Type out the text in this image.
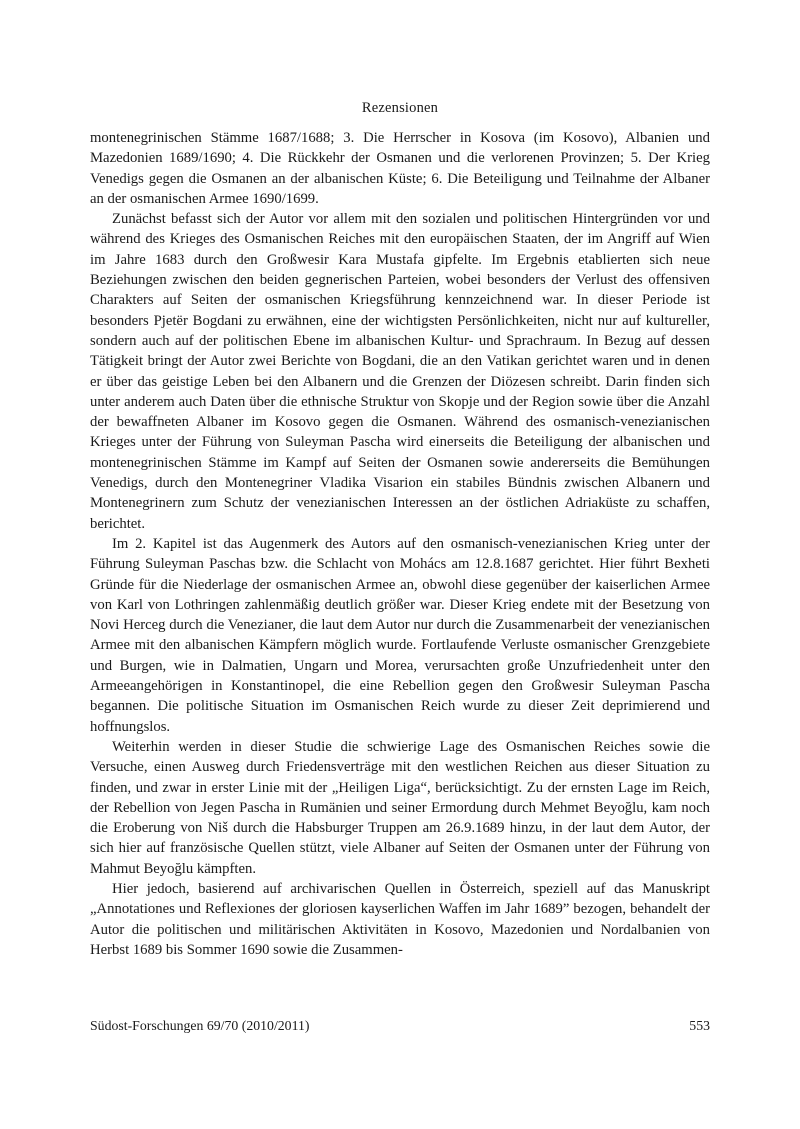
Rezensionen

montenegrinischen Stämme 1687/1688; 3. Die Herrscher in Kosova (im Kosovo), Albanien und Mazedonien 1689/1690; 4. Die Rückkehr der Osmanen und die verlorenen Provinzen; 5. Der Krieg Venedigs gegen die Osmanen an der albanischen Küste; 6. Die Beteiligung und Teilnahme der Albaner an der osmanischen Armee 1690/1699.

Zunächst befasst sich der Autor vor allem mit den sozialen und politischen Hintergründen vor und während des Krieges des Osmanischen Reiches mit den europäischen Staaten, der im Angriff auf Wien im Jahre 1683 durch den Großwesir Kara Mustafa gipfelte. Im Ergebnis etablierten sich neue Beziehungen zwischen den beiden gegnerischen Parteien, wobei besonders der Verlust des offensiven Charakters auf Seiten der osmanischen Kriegsführung kennzeichnend war. In dieser Periode ist besonders Pjetër Bogdani zu erwähnen, eine der wichtigsten Persönlichkeiten, nicht nur auf kultureller, sondern auch auf der politischen Ebene im albanischen Kultur- und Sprachraum. In Bezug auf dessen Tätigkeit bringt der Autor zwei Berichte von Bogdani, die an den Vatikan gerichtet waren und in denen er über das geistige Leben bei den Albanern und die Grenzen der Diözesen schreibt. Darin finden sich unter anderem auch Daten über die ethnische Struktur von Skopje und der Region sowie über die Anzahl der bewaffneten Albaner im Kosovo gegen die Osmanen. Während des osmanisch-venezianischen Krieges unter der Führung von Suleyman Pascha wird einerseits die Beteiligung der albanischen und montenegrinischen Stämme im Kampf auf Seiten der Osmanen sowie andererseits die Bemühungen Venedigs, durch den Montenegriner Vladika Visarion ein stabiles Bündnis zwischen Albanern und Montenegrinern zum Schutz der venezianischen Interessen an der östlichen Adriaküste zu schaffen, berichtet.

Im 2. Kapitel ist das Augenmerk des Autors auf den osmanisch-venezianischen Krieg unter der Führung Suleyman Paschas bzw. die Schlacht von Mohács am 12.8.1687 gerichtet. Hier führt Bexheti Gründe für die Niederlage der osmanischen Armee an, obwohl diese gegenüber der kaiserlichen Armee von Karl von Lothringen zahlenmäßig deutlich größer war. Dieser Krieg endete mit der Besetzung von Novi Herceg durch die Venezianer, die laut dem Autor nur durch die Zusammenarbeit der venezianischen Armee mit den albanischen Kämpfern möglich wurde. Fortlaufende Verluste osmanischer Grenzgebiete und Burgen, wie in Dalmatien, Ungarn und Morea, verursachten große Unzufriedenheit unter den Armeeangehörigen in Konstantinopel, die eine Rebellion gegen den Großwesir Suleyman Pascha begannen. Die politische Situation im Osmanischen Reich wurde zu dieser Zeit deprimierend und hoffnungslos.

Weiterhin werden in dieser Studie die schwierige Lage des Osmanischen Reiches sowie die Versuche, einen Ausweg durch Friedensverträge mit den westlichen Reichen aus dieser Situation zu finden, und zwar in erster Linie mit der „Heiligen Liga“, berücksichtigt. Zu der ernsten Lage im Reich, der Rebellion von Jegen Pascha in Rumänien und seiner Ermordung durch Mehmet Beyoğlu, kam noch die Eroberung von Niš durch die Habsburger Truppen am 26.9.1689 hinzu, in der laut dem Autor, der sich hier auf französische Quellen stützt, viele Albaner auf Seiten der Osmanen unter der Führung von Mahmut Beyoğlu kämpften.

Hier jedoch, basierend auf archivarischen Quellen in Österreich, speziell auf das Manuskript „Annotationes und Reflexiones der gloriosen kayserlichen Waffen im Jahr 1689” bezogen, behandelt der Autor die politischen und militärischen Aktivitäten in Kosovo, Mazedonien und Nordalbanien von Herbst 1689 bis Sommer 1690 sowie die Zusammen-

Südost-Forschungen 69/70 (2010/2011)	553
